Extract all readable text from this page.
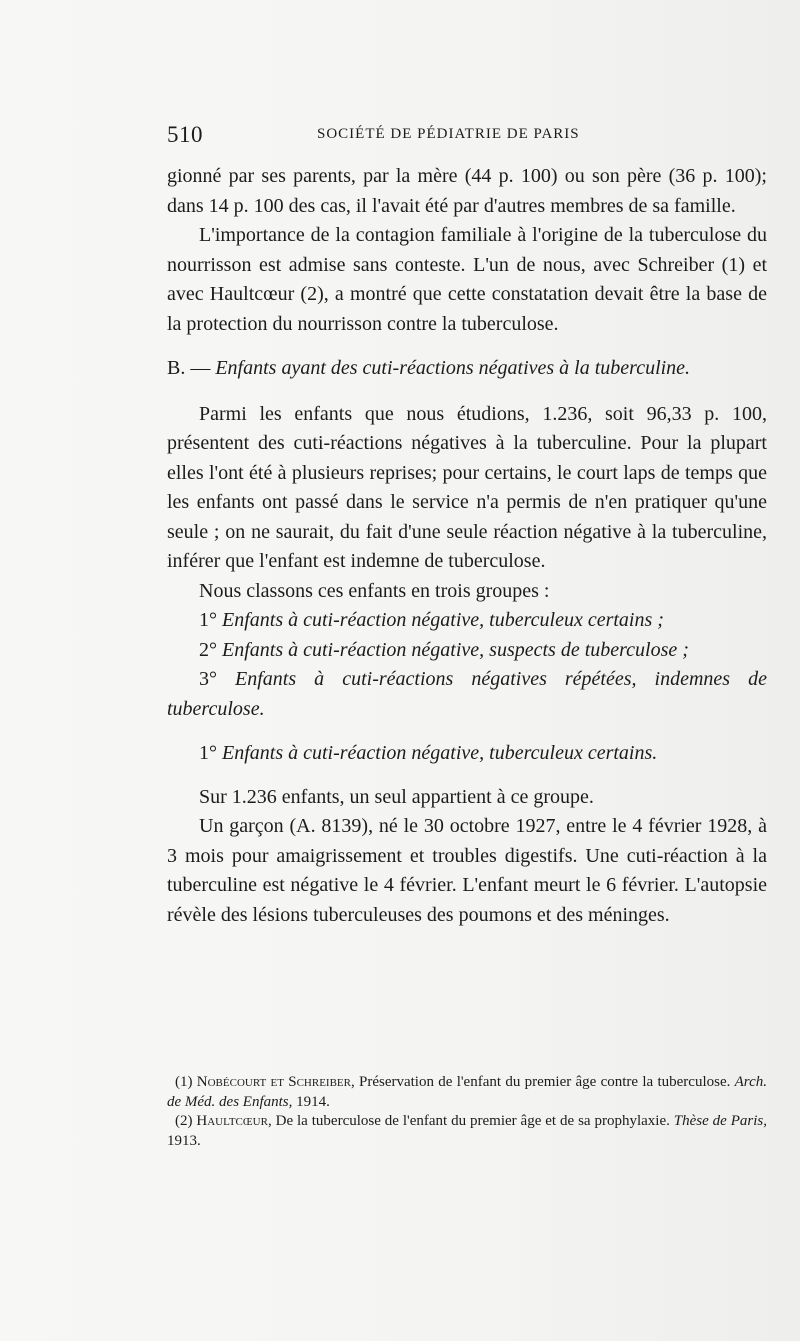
510	SOCIÉTÉ DE PÉDIATRIE DE PARIS

gionné par ses parents, par la mère (44 p. 100) ou son père (36 p. 100); dans 14 p. 100 des cas, il l'avait été par d'autres membres de sa famille.

L'importance de la contagion familiale à l'origine de la tuberculose du nourrisson est admise sans conteste. L'un de nous, avec Schreiber (1) et avec Haultcœur (2), a montré que cette constatation devait être la base de la protection du nourrisson contre la tuberculose.

B. — Enfants ayant des cuti-réactions négatives à la tuberculine.

Parmi les enfants que nous étudions, 1.236, soit 96,33 p. 100, présentent des cuti-réactions négatives à la tuberculine. Pour la plupart elles l'ont été à plusieurs reprises; pour certains, le court laps de temps que les enfants ont passé dans le service n'a permis de n'en pratiquer qu'une seule ; on ne saurait, du fait d'une seule réaction négative à la tuberculine, inférer que l'enfant est indemne de tuberculose.

Nous classons ces enfants en trois groupes :

1° Enfants à cuti-réaction négative, tuberculeux certains ;

2° Enfants à cuti-réaction négative, suspects de tuberculose ;

3° Enfants à cuti-réactions négatives répétées, indemnes de tuberculose.

1° Enfants à cuti-réaction négative, tuberculeux certains.

Sur 1.236 enfants, un seul appartient à ce groupe.

Un garçon (A. 8139), né le 30 octobre 1927, entre le 4 février 1928, à 3 mois pour amaigrissement et troubles digestifs. Une cuti-réaction à la tuberculine est négative le 4 février. L'enfant meurt le 6 février. L'autopsie révèle des lésions tuberculeuses des poumons et des méninges.

(1) Nobécourt et Schreiber, Préservation de l'enfant du premier âge contre la tuberculose. Arch. de Méd. des Enfants, 1914.

(2) Haultcœur, De la tuberculose de l'enfant du premier âge et de sa prophylaxie. Thèse de Paris, 1913.
